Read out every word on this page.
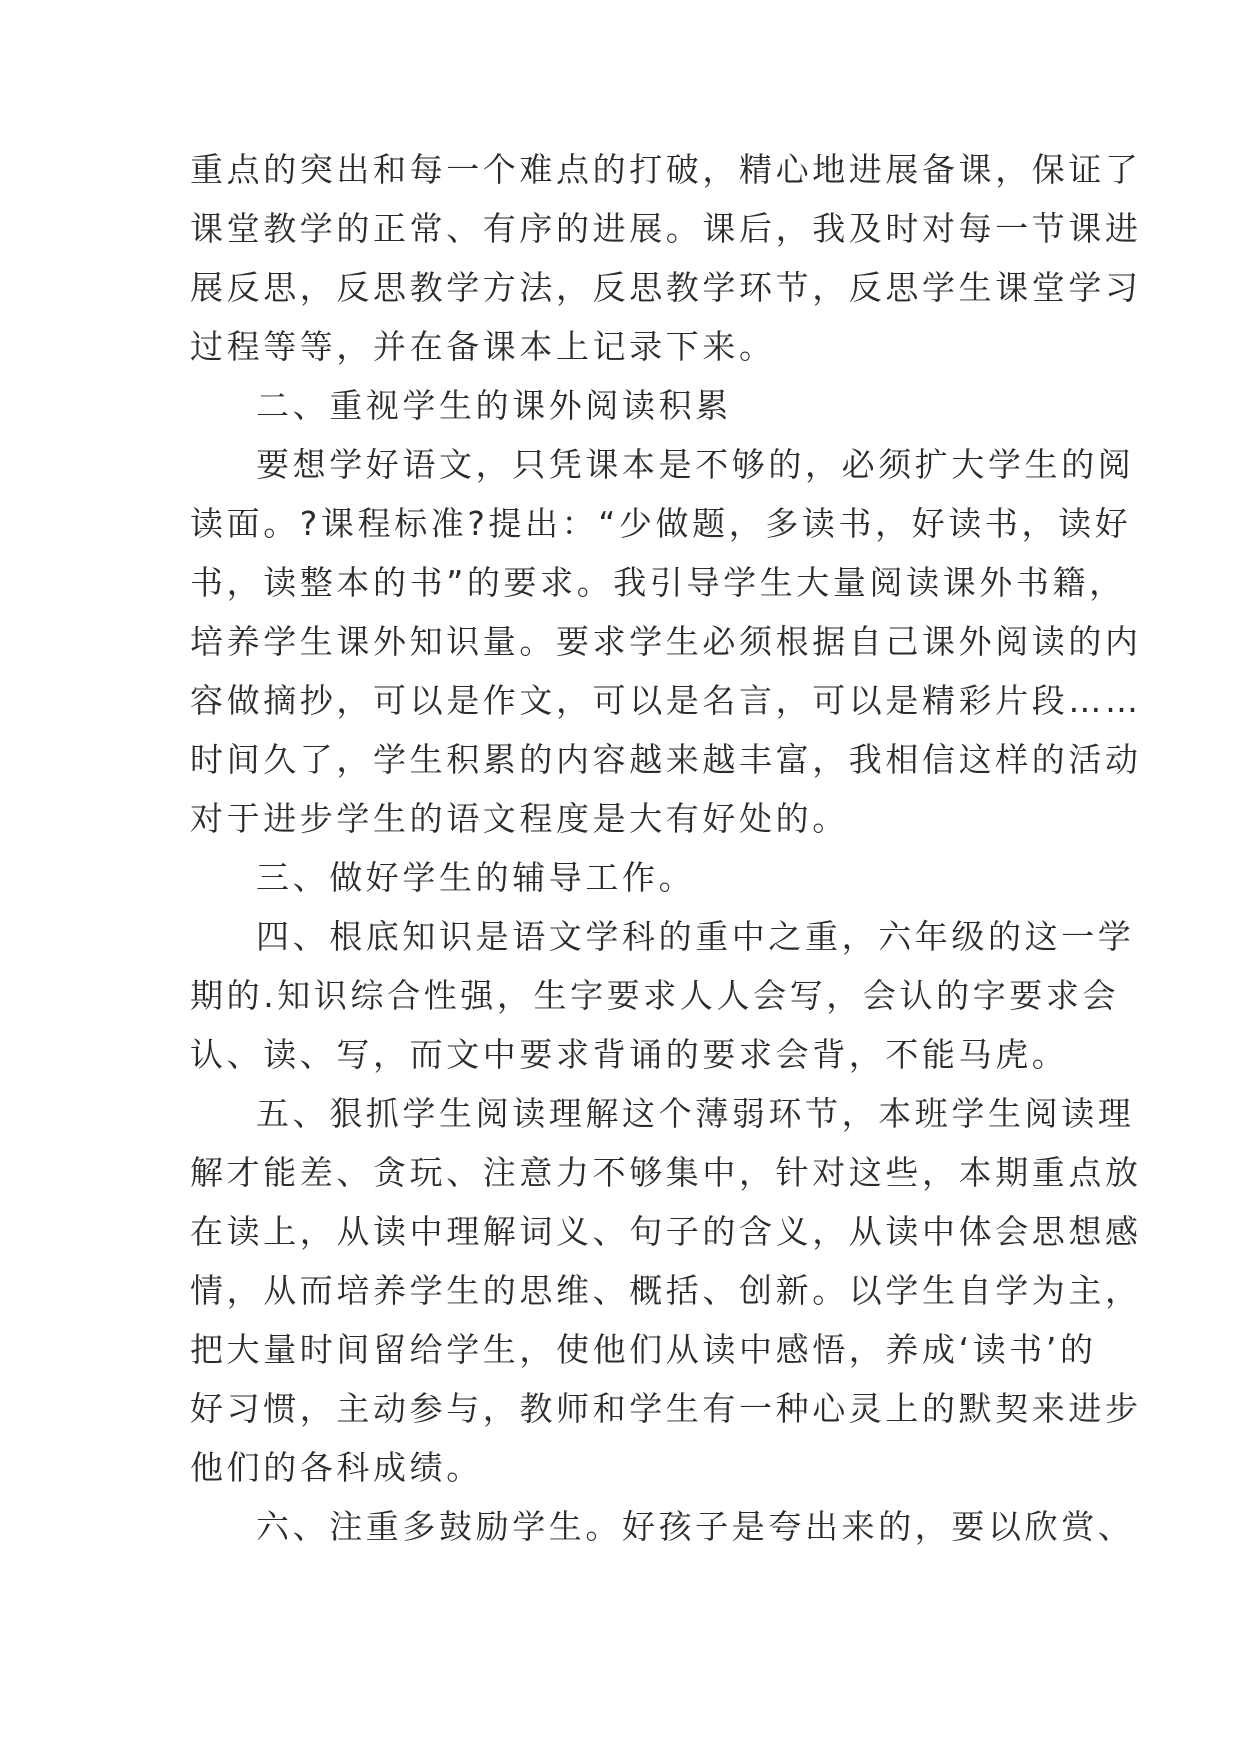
重点的突出和每一个难点的打破，精心地进展备课，保证了
课堂教学的正常、有序的进展。课后，我及时对每一节课进
展反思，反思教学方法，反思教学环节，反思学生课堂学习
过程等等，并在备课本上记录下来。
二、重视学生的课外阅读积累
要想学好语文，只凭课本是不够的，必须扩大学生的阅
读面。?课程标准?提出：“少做题，多读书，好读书，读好
书，读整本的书”的要求。我引导学生大量阅读课外书籍，
培养学生课外知识量。要求学生必须根据自己课外阅读的内
容做摘抄，可以是作文，可以是名言，可以是精彩片段……
时间久了，学生积累的内容越来越丰富，我相信这样的活动
对于进步学生的语文程度是大有好处的。
三、做好学生的辅导工作。
四、根底知识是语文学科的重中之重，六年级的这一学
期的.知识综合性强，生字要求人人会写，会认的字要求会
认、读、写，而文中要求背诵的要求会背，不能马虎。
五、狠抓学生阅读理解这个薄弱环节，本班学生阅读理
解才能差、贪玩、注意力不够集中，针对这些，本期重点放
在读上，从读中理解词义、句子的含义，从读中体会思想感
情，从而培养学生的思维、概括、创新。以学生自学为主，
把大量时间留给学生，使他们从读中感悟，养成‘读书’的
好习惯，主动参与，教师和学生有一种心灵上的默契来进步
他们的各科成绩。
六、注重多鼓励学生。好孩子是夸出来的，要以欣赏、
